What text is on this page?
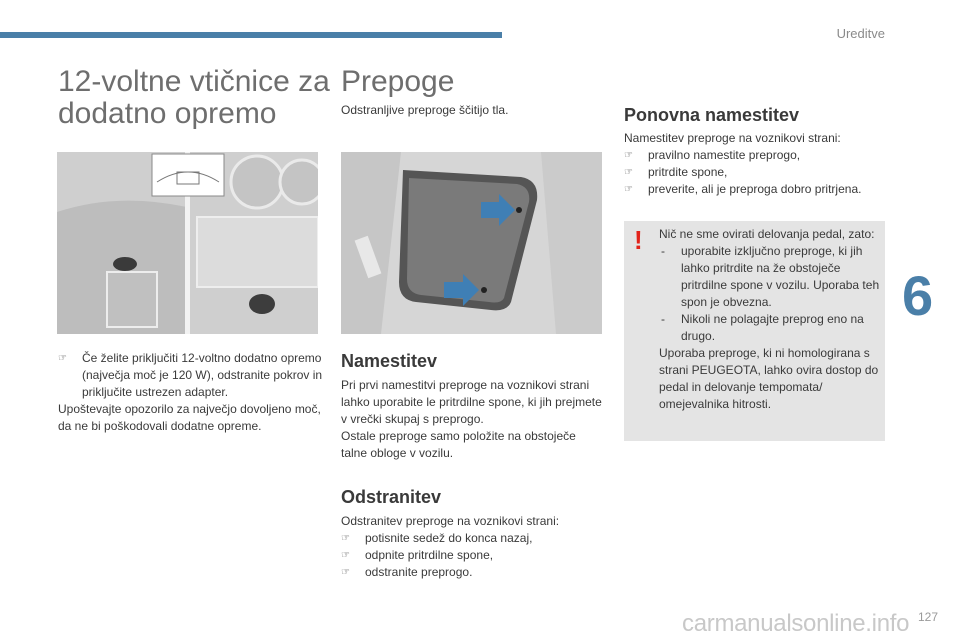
Ureditve
6
12-voltne vtičnice za
dodatno opremo
☞ Če želite priključiti 12-voltno dodatno opremo (največja moč je 120 W), odstranite pokrov in priključite ustrezen adapter.
Upoštevajte opozorilo za največjo dovoljeno moč, da ne bi poškodovali dodatne opreme.
Prepoge

Odstranljive preproge ščitijo tla.

Namestitev
Pri prvi namestitvi preproge na voznikovi strani lahko uporabite le pritrdilne spone, ki jih prejmete v vrečki skupaj s preprogo.
Ostale preproge samo položite na obstoječe talne obloge v vozilu.
Odstranitev
Odstranitev preproge na voznikovi strani:
☞ potisnite sedež do konca nazaj,
☞ odpnite pritrdilne spone,
☞ odstranite preprogo.
Ponovna namestitev
Namestitev preproge na voznikovi strani:
☞ pravilno namestite preprogo,
☞ pritrdite spone,
☞ preverite, ali je preproga dobro pritrjena.
! Nič ne sme ovirati delovanja pedal, zato:
- uporabite izključno preproge, ki jih lahko pritrdite na že obstoječe pritrdilne spone v vozilu. Uporaba teh spon je obvezna.
- Nikoli ne polagajte preprog eno na drugo.
Uporaba preproge, ki ni homologirana s strani PEUGEOTA, lahko ovira dostop do pedal in delovanje tempomata/ omejevalnika hitrosti.
carmanualsonline.info 127
